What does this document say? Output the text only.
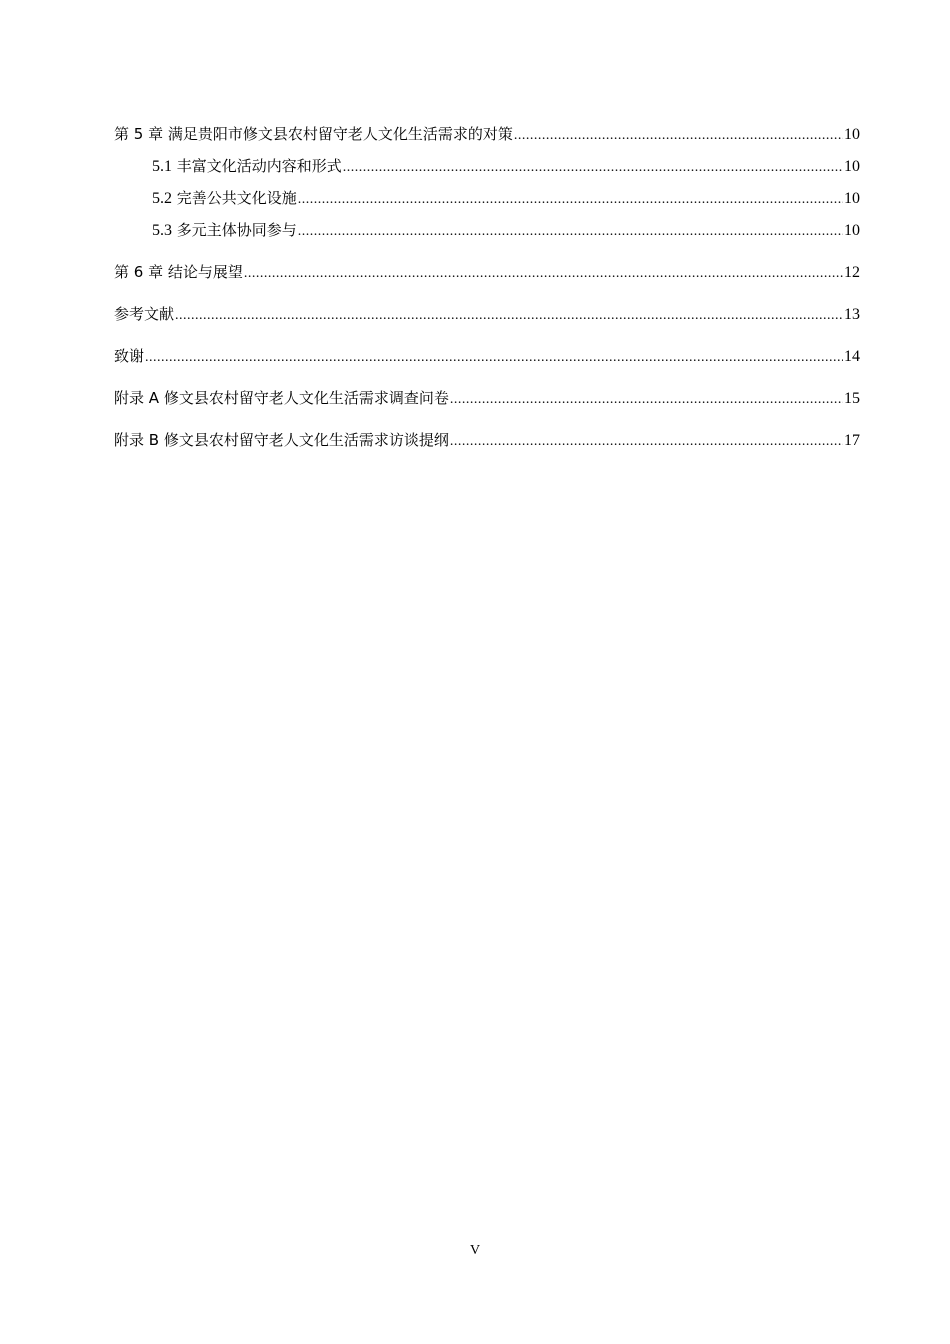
第 5 章 满足贵阳市修文县农村留守老人文化生活需求的对策 .....	10
5.1 丰富文化活动内容和形式 .....	10
5.2 完善公共文化设施 .....	10
5.3 多元主体协同参与 .....	10
第 6 章 结论与展望 .....	12
参考文献 .....	13
致谢 .....	14
附录 A 修文县农村留守老人文化生活需求调查问卷 .....	15
附录 B 修文县农村留守老人文化生活需求访谈提纲 .....	17
V
